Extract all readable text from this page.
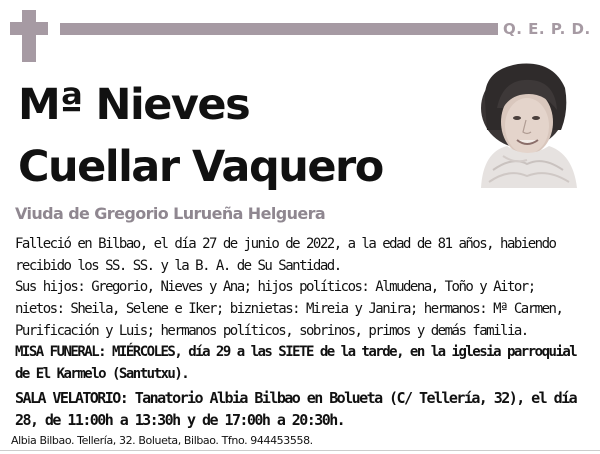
Q. E. P. D.
Mª Nieves
Cuellar Vaquero
Viuda de Gregorio Lurueña Helguera
Falleció en Bilbao, el día 27 de junio de 2022, a la edad de 81 años, habiendo recibido los SS. SS. y la B. A. de Su Santidad.
Sus hijos: Gregorio, Nieves y Ana; hijos políticos: Almudena, Toño y Aitor; nietos: Sheila, Selene e Iker; biznietas: Mireia y Janira; hermanos: Mª Carmen, Purificación y Luis; hermanos políticos, sobrinos, primos y demás familia.
MISA FUNERAL: MIÉRCOLES, día 29 a las SIETE de la tarde, en la iglesia parroquial de El Karmelo (Santutxu).
SALA VELATORIO: Tanatorio Albia Bilbao en Bolueta (C/ Tellería, 32), el día 28, de 11:00h a 13:30h y de 17:00h a 20:30h.
Albia Bilbao. Tellería, 32. Bolueta, Bilbao. Tfno. 944453558.
